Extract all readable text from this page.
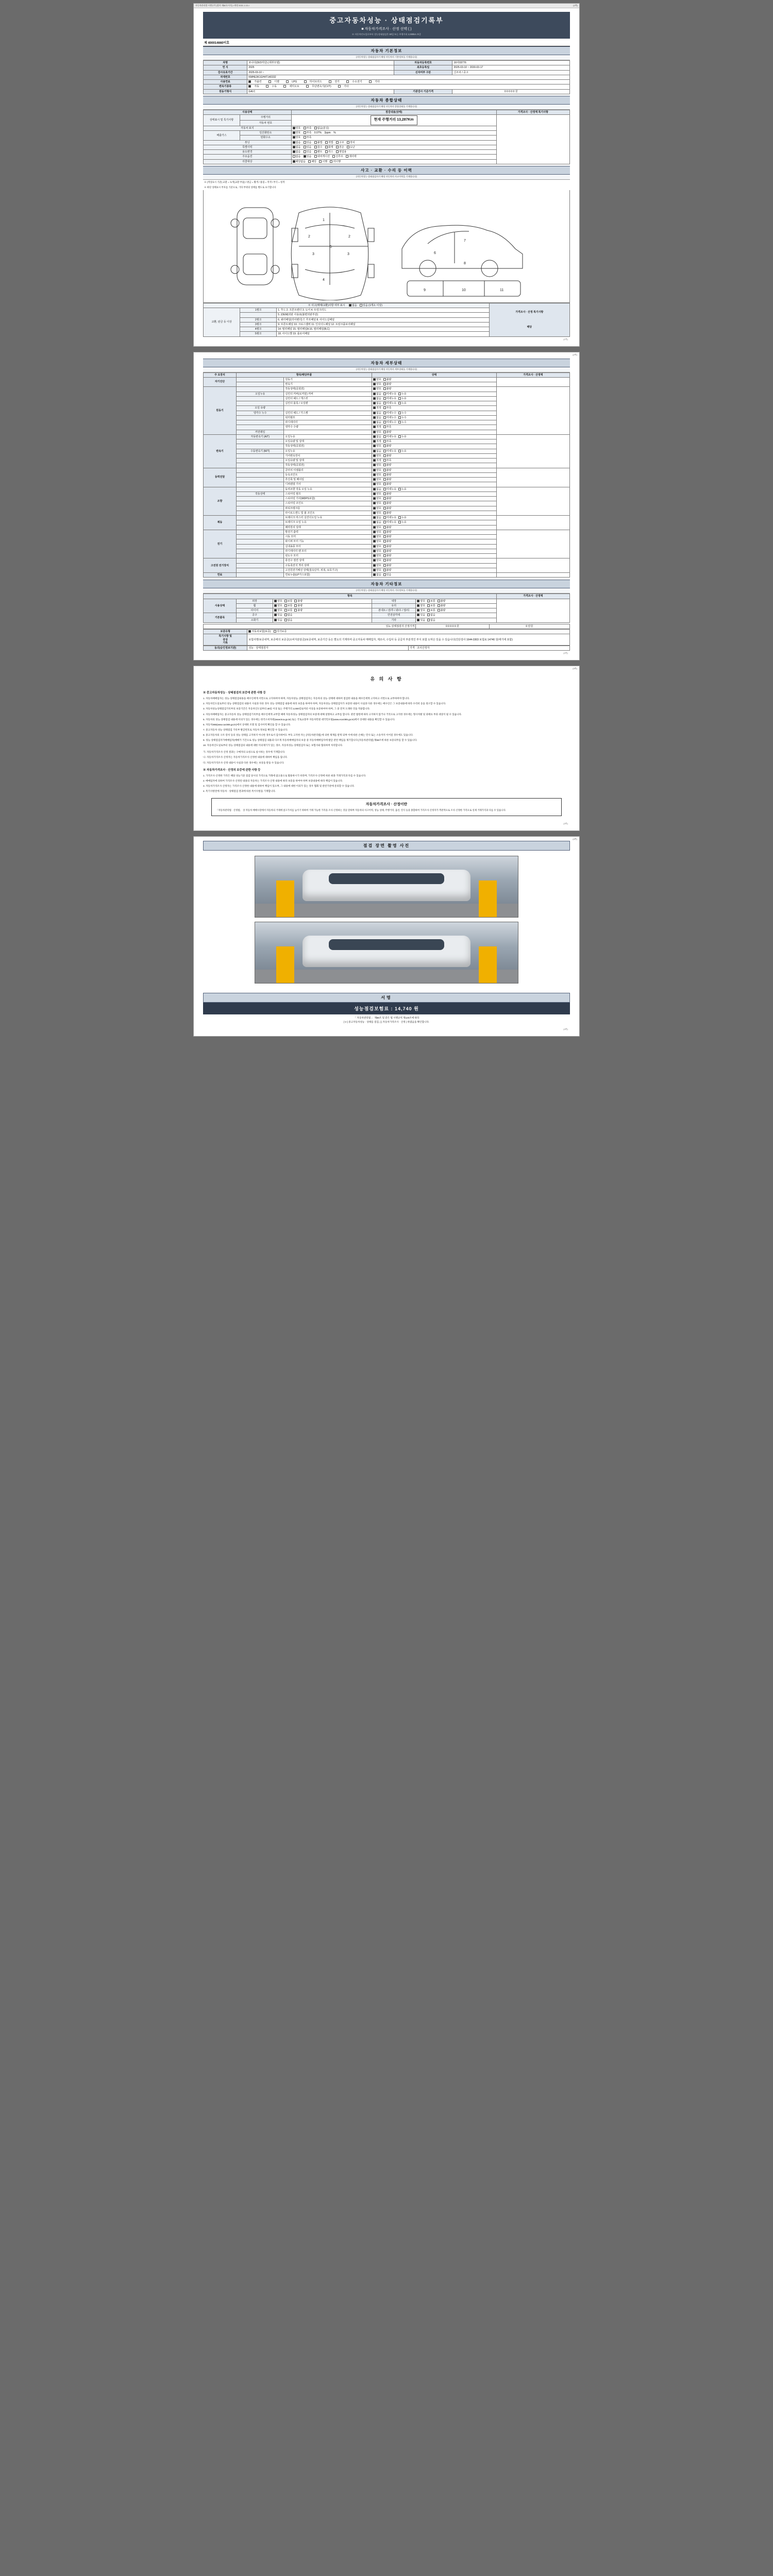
자동차관리법 시행규칙 [별지 제82호서식] <개정 2021.1.13.>	(1쪽)
중고자동차성능 · 상태점검기록부
■ 자동차가격조사 · 산정 선택 ( )
※ 자동차인도일로부터 성능상태점검은 30일 또는 주행거리 2,000km 보증
제 400014660이호
자동차 기본정보
(자동차성능·상태점검자가 해당 자동차의 기본정보를 기재합니다)
차명	쏘나타(DI/3저단) (세부모델)	자동차등록번호	16어03776
연 식	2025	최초등록일	2025-03-10 ~ 2030-03-17
검사유효기간	2025-03-10 ~	신차여부 구분	신조차 / 중고
차대번호	KMHE3K1GH4T140332		
사용연료	가솔린 디젤 LPG 하이브리드 전기 수소전기 기타		
변속기종류	자동 수동 세미오토 무단변속기(CVT) 기타		
원동기형식	G4LC	기관검사 기준가격	0 0 0 0 0 원
자동차 종합상태
(자동차성능·상태점검자가 해당 자동차의 종합상태를 기재합니다)
사용상태		점검내용(상태)	가격조사 · 산정액 특기사항
상태표시 및 특기사항	주행거리	현재 주행거리 13,287Km	
	자동차 번호		
자동차 표지		양호 부족 없음(분실)	
배출가스	일산화탄소	양호 부족 0.07% 2ppm %	
	탄화수소	양호 부족	
튜닝		없음 있음 불법 적법 구조 장치	
특별이력		없음 있음 침수 화재 전손 도난	
용도변경		없음 있음 렌트 리스 영업용	
주요옵션		없음 있음 내비게이션 선루프 에어백	
리콜대상		해당없음 해당 이행 미이행	
사고 · 교환 · 수리 등 이력
(자동차성능·상태점검자가 해당 자동차의 사고이력을 기재합니다)
※ (색상표시 기준) 교환 = 녹색(교환 부품) / 판금 = 황색 / 용접 = 적색 / 부식 = 청색
※ 하단 상태표시 부호를 기준으로, 기타 부위의 상태를 별도로 표기합니다
1
2	2
3	3
4
5
6
7
8
9	10	11
※ 사고(매매/교환)사항 여부 표시 없음 있음 (1개소 이상)			가격조사 · 산정 특기사항
해당

교환, 판금 등 이상	1랭크	1. 후드 2. 프론트펜더 3. 도어 4. 트렁크리드	
		5. (OEM)외판 사용표(불편외판부분)	
	2랭크	6. 쿼터패널(리어펜더) 7. 루프패널 8. 사이드실패널	
	3랭크	9. 프론트패널 10. 크로스멤버 11. 인사이드패널 12. 트렁크플로어패널	
	4랭크	14. 필러패널 15. 필러패널A 16. 필러패널(B,C)	
	5랭크	18. 사이드밸 19. 플로어패널	
(1쪽)
(2쪽)
자동차 세부상태
(자동차성능·상태점검자가 해당 자동차의 세부상태를 기재합니다)
주 요장치	항목/해당부품		상태	가격조사 · 산정액
자기진단		원동기	양호 불량	
		변속기	양호 불량	
원동기		작동상태(공회전)	양호 불량	
	오일누유	실린더 커버(로커암) 커버	없음 미세누유 누유	
		실린더 헤드 / 개스킷	없음 미세누유 누유	
		실린더 블록 / 오일팬	없음 미세누유 누유	
	오일 유량		적정 부족	
	냉각수 누수	실린더 헤드 / 가스켓	없음 미세누수 누수	
		워터펌프	없음 미세누수 누수	
		라디에이터	없음 미세누수 누수	
		냉각수 수량	적정 부족	
	커먼레일		양호 불량	
변속기	자동변속기 (A/T)	오일누유	없음 미세누유 누유	
		오일유량 및 상태	적정 부족	
		작동상태(공회전)	양호 불량	
	수동변속기 (M/T)	오일누유	없음 미세누유 누유	
		기어변속장치	양호 불량	
		오일유량 및 상태	적정 부족	
		작동상태(공회전)	양호 불량	
동력전달		클러치 어셈블리	양호 불량	
		등속조인트	양호 불량	
		추진축 및 베어링	양호 불량	
		디퍼렌셜 기어	양호 불량	
조향		동력조향 작동 오일 누유	없음 미세누유 누유	
	작동상태	스티어링 펌프	양호 불량	
		스티어링 기어(MDPS포함)	양호 불량	
		스티어링 조인트	양호 불량	
		파워크랭크들	양호 불량	
		타이로드엔드 및 볼 조인트	양호 불량	
제동		브레이크 마스터 실린더오일 누유	없음 미세누유 누유	
		브레이크 오일 누유	없음 미세누유 누유	
		배력장치 상태	양호 불량	
전기		발전기 출력	양호 불량	
		시동 모터	양호 불량	
		와이퍼 모터 기능	양호 불량	
		실내송풍 모터	양호 불량	
		라디에이터 팬 모터	양호 불량	
		윈도우 모터	양호 불량	
고전원 전기장치		충전구 절연 상태	양호 불량	
		구동축전지 격리 상태	양호 불량	
		고전원전기배선 상태(접속단자, 피복, 보호기구)	양호 불량	
연료		연료누출(LP가스포함)	없음 있음	
자동차 기타정보
(자동차성능·상태점검자가 해당 자동차의 기타정보를 기재합니다)
항목					가격조사 · 산정액
사용상태	외장	양호 보통 불량	내장	양호 보통 불량	
	휠	양호 보통 불량	유리	양호 보통 불량	
	타이어	양호 보통 불량	본네트 / 전/후 / 좌/우 / 앞/뒤	양호 보통 불량	
기본품목	공구	있음 없음	안전삼각대	있음 없음	
	소화기	있음 없음	기타	있음 없음	
성능·상태점검자 산정가격	0 0 0 0 0 원	0 만원
보증유형	자동차보험(보증) 자가보증
특기사항 및
증상
기록	보험사명/보증내역, 보증에의 보증금(소비자분담금)/보증내역, 보증기간 등은 별도의 기재하며 중고자동차 매매업자, 제조사, 수입사 등 공급자 부분적인 부식 포함 도막은 있을 수 있습니다(진단검사 1644-3303 보험료 14740 원/세기에 포함)
동의(승인정보기관)	성능 · 상태점검자	가격 · 조사산정자
(2쪽)
(3쪽)
유 의 사 항
※ 중고자동차성능 · 상태점검의 보증에 관한 사항 등

1. 자동차매매업자는 성능·상태점검내용을 매수인에게 서면으로 고지하여야 하며, 자동차성능·상태점검자는 자동차의 성능·상태에 대하여 점검한 내용을 매수인에게 고지하고 서면으로 교부하여야 합니다.

2. 자동차인도일로부터 성능·상태점검의 내용이 사실과 다른 경우 성능·상태점검 내용에 따라 보증을 하여야 하며, 자동차성능·상태점검자가 보증한 내용이 사실과 다른 경우에는 매수인은 그 보증내용에 따라 수리비 등을 청구할 수 있습니다.

3. 자동차성능상태점검기록부의 보증기간은 자동차인도일부터 30일 이상 또는 주행거리 2,000킬로미터 이상을 보증하여야 하며, 그 중 먼저 도래한 것을 적용합니다.

4. 자동차매매업자는 중고자동차 성능·상태점검기록부를 매수인에게 교부할 때에 자동차성능·상태점검자의 보증에 대해 설명하고 교부를 합니다. 관련 법령에 따라 고지하지 않거나 거짓으로 고지한 경우에는 형사처벌 및 과태료 부과 대상이 될 수 있습니다.

5. 자동차의 성능·상태점검 내용에 이의가 있는 경우에는 한국소비자원(www.kca.go.kr) 또는 국토교통부 자동차민원 대국민포털(www.ecar365.go.kr)에서 상세한 내용을 확인할 수 있습니다.

6. 자동차365(www.car365.go.kr)에서 상세한 조회 및 검사이력 확인을 할 수 있습니다.

7. 중고자동차 성능·상태점검 기록부 발급번호로 자동차 정보를 확인할 수 있습니다.

8. 중고자동차의 구조·장치 등의 성능·상태를 고지하지 아니한 경우로서 검사하여도 부득 고지한 자는 [자동차관리법] 에 의한 제재를 받게 되며 이에 따른 손해는 민사 또는 소송까지 이어질 경우에도 있습니다.

9. 성능·상태점검자가매매업자(매매가 기간으로 성능·상태점검 내용과 다르게 자동차매매업자의 보증 중 자동차매매업자에 발급 관련 책임을 제기합니다 [자동차관리법] 제58조에 따른 보증의무를 할 수 있습니다.

10. 자동차인도일로부터 성능·상태점검의 내용에 대한 이의제기가 있는 경우, 자동차성능·상태점검자 또는 보험사와 협의하여 처리합니다.

가. 자동차가격조사·산정 결과는 구매자의 요청으로 실시하는 경우에 기재합니다.

나. 자동차가격조사·산정자는 자동차가격조사·산정한 내용에 대하여 책임을 집니다.

다. 자동차가격조사·산정 내용이 사실과 다른 경우에는 보상을 받을 수 있습니다.

※ 자동차가격조사 · 산정의 보증에 관한 사항 등

1. 가격조사·산정한 가격은 해당 성능기준 점검 당시의 가격으로 거래에 참고용으로 활용하시기 바라며, 가격조사·산정에 따른 최종 거래가격과 다를 수 있습니다.

2. 매매업자에 의하여 가격조사·산정된 내용의 자동차는 가격조사·산정 내용에 따라 보증을 하여야 하며 보증내용에 따라 책임이 있습니다.

3. 자동차가격조사·산정자는 가격조사·산정한 내용에 대하여 책임이 있으며, 그 내용에 대한 이의가 있는 경우 협회 및 관련기관에 문의할 수 있습니다.

4. 특기사항란에 자동차 · 상태점검 결과에 따른 특이사항을 기재합니다.

자동차가격조사 · 산정이란
「자동차관리법 · 산정법」 상 자동차 매매시장에서 자동차의 거래에 참고가치를 높이기 위하여 거래 가능한 가격을 조사·산정하는 것을 말하며 자동차의 사고이력, 성능·상태, 주행거리, 옵션, 연식 등을 종합하여 가격조사·산정자가 객관적으로 조사·산정한 가격으로 실제 거래가격과 다를 수 있습니다.
(3쪽)
(4쪽)
점검 장면 촬영 사진
서명
성능점검보험료 : 14,740 원
「 자동차관리법 」 제58조 및 같은 법 시행규칙 제120조에 따라
[ V ] 중고자동차성능 · 상태를 점검, [ ] 자동차가격조사 · 산정 ) 하였음을 확인합니다.
(4쪽)
